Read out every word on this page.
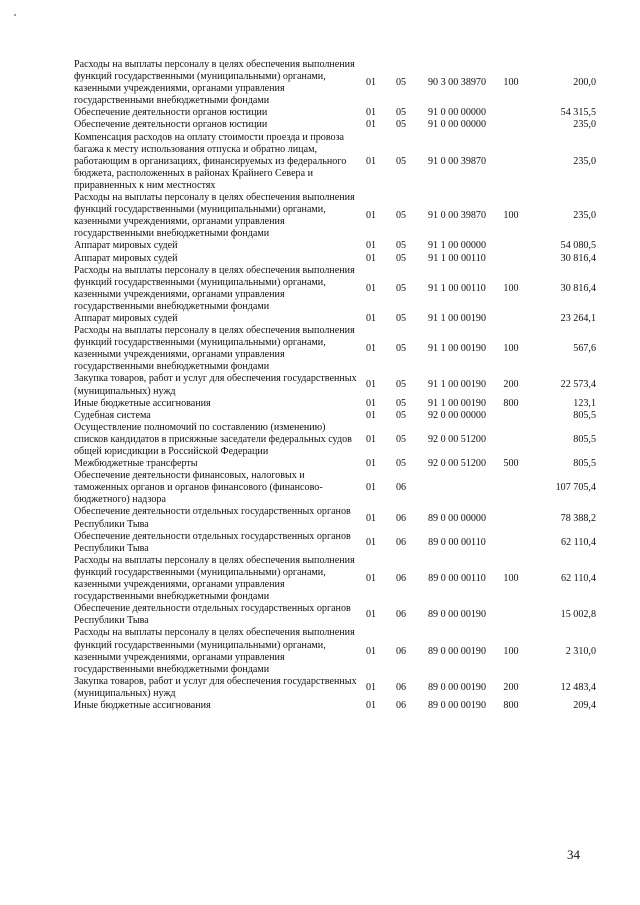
Расходы на выплаты персоналу в целях обеспечения выполнения функций государственными (муниципальными) органами, казенными учреждениями, органами управления государственными внебюджетными фондами	01	05	90 3 00 38970	100	200,0
Обеспечение деятельности органов юстиции	01	05	91 0 00 00000		54 315,5
Обеспечение деятельности органов юстиции	01	05	91 0 00 00000		235,0
Компенсация расходов на оплату стоимости проезда и провоза багажа к месту использования отпуска и обратно лицам, работающим в организациях, финансируемых из федерального бюджета, расположенных в районах Крайнего Севера и приравненных к ним местностях	01	05	91 0 00 39870		235,0
Расходы на выплаты персоналу в целях обеспечения выполнения функций государственными (муниципальными) органами, казенными учреждениями, органами управления государственными внебюджетными фондами	01	05	91 0 00 39870	100	235,0
Аппарат мировых судей	01	05	91 1 00 00000		54 080,5
Аппарат мировых судей	01	05	91 1 00 00110		30 816,4
Расходы на выплаты персоналу в целях обеспечения выполнения функций государственными (муниципальными) органами, казенными учреждениями, органами управления государственными внебюджетными фондами	01	05	91 1 00 00110	100	30 816,4
Аппарат мировых судей	01	05	91 1 00 00190		23 264,1
Расходы на выплаты персоналу в целях обеспечения выполнения функций государственными (муниципальными) органами, казенными учреждениями, органами управления государственными внебюджетными фондами	01	05	91 1 00 00190	100	567,6
Закупка товаров, работ и услуг для обеспечения государственных (муниципальных) нужд	01	05	91 1 00 00190	200	22 573,4
Иные бюджетные ассигнования	01	05	91 1 00 00190	800	123,1
Судебная система	01	05	92 0 00 00000		805,5
Осуществление полномочий по составлению (изменению) списков кандидатов в присяжные заседатели федеральных судов общей юрисдикции в Российской Федерации	01	05	92 0 00 51200		805,5
Межбюджетные трансферты	01	05	92 0 00 51200	500	805,5
Обеспечение деятельности финансовых, налоговых и таможенных органов и органов финансового (финансово-бюджетного) надзора	01	06			107 705,4
Обеспечение деятельности отдельных государственных органов Республики Тыва	01	06	89 0 00 00000		78 388,2
Обеспечение деятельности отдельных государственных органов Республики Тыва	01	06	89 0 00 00110		62 110,4
Расходы на выплаты персоналу в целях обеспечения выполнения функций государственными (муниципальными) органами, казенными учреждениями, органами управления государственными внебюджетными фондами	01	06	89 0 00 00110	100	62 110,4
Обеспечение деятельности отдельных государственных органов Республики Тыва	01	06	89 0 00 00190		15 002,8
Расходы на выплаты персоналу в целях обеспечения выполнения функций государственными (муниципальными) органами, казенными учреждениями, органами управления государственными внебюджетными фондами	01	06	89 0 00 00190	100	2 310,0
Закупка товаров, работ и услуг для обеспечения государственных (муниципальных) нужд	01	06	89 0 00 00190	200	12 483,4
Иные бюджетные ассигнования	01	06	89 0 00 00190	800	209,4
34
